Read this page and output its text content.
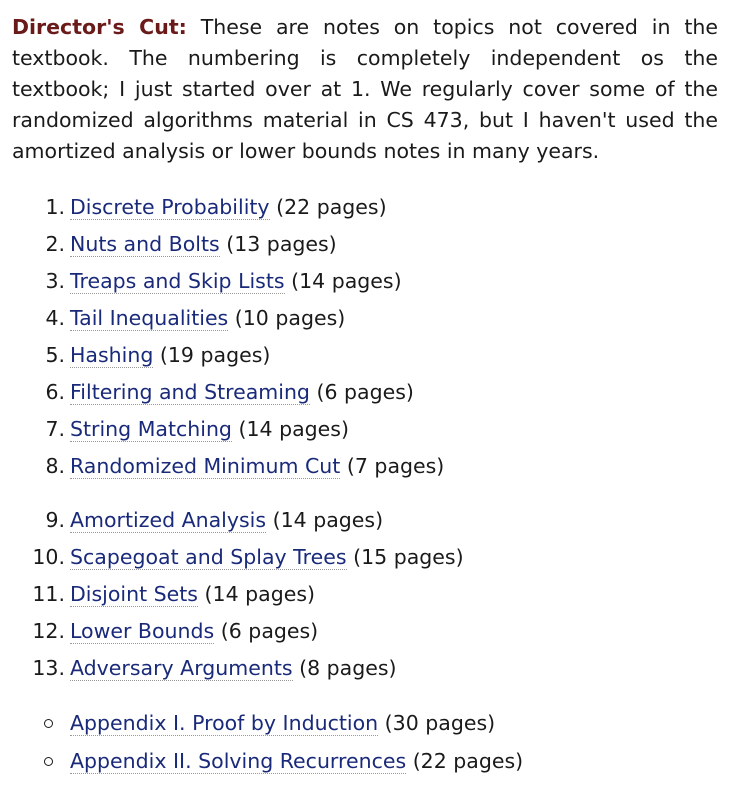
Director's Cut: These are notes on topics not covered in the textbook. The numbering is completely independent os the textbook; I just started over at 1. We regularly cover some of the randomized algorithms material in CS 473, but I haven't used the amortized analysis or lower bounds notes in many years.

1. Discrete Probability (22 pages)
2. Nuts and Bolts (13 pages)
3. Treaps and Skip Lists (14 pages)
4. Tail Inequalities (10 pages)
5. Hashing (19 pages)
6. Filtering and Streaming (6 pages)
7. String Matching (14 pages)
8. Randomized Minimum Cut (7 pages)
9. Amortized Analysis (14 pages)
10. Scapegoat and Splay Trees (15 pages)
11. Disjoint Sets (14 pages)
12. Lower Bounds (6 pages)
13. Adversary Arguments (8 pages)
Appendix I. Proof by Induction (30 pages)
Appendix II. Solving Recurrences (22 pages)
